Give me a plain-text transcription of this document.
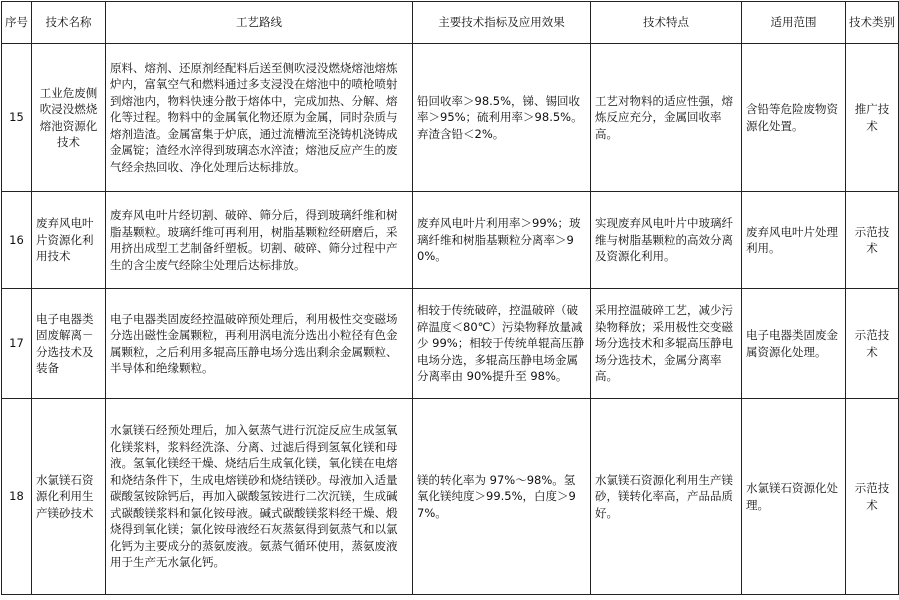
序号	技术名称	工艺路线	主要技术指标及应用效果	技术特点	适用范围	技术类别
15	工业危废侧吹浸没燃烧熔池资源化技术	原料、熔剂、还原剂经配料后送至侧吹浸没燃烧熔池熔炼炉内，富氧空气和燃料通过多支浸没在熔池中的喷枪喷射到熔池内，物料快速分散于熔体中，完成加热、分解、熔化等过程。物料中的金属氧化物还原为金属，同时杂质与熔剂造渣。金属富集于炉底，通过流槽流至浇铸机浇铸成金属锭；渣经水淬得到玻璃态水淬渣；熔池反应产生的废气经余热回收、净化处理后达标排放。	铅回收率＞98.5%，锑、锡回收率＞95%；硫利用率＞98.5%。弃渣含铅＜2%。	工艺对物料的适应性强，熔炼反应充分，金属回收率高。	含铅等危险废物资源化处置。	推广技术
16	废弃风电叶片资源化利用技术	废弃风电叶片经切割、破碎、筛分后，得到玻璃纤维和树脂基颗粒。玻璃纤维可再利用，树脂基颗粒经研磨后，采用挤出成型工艺制备纤塑板。切割、破碎、筛分过程中产生的含尘废气经除尘处理后达标排放。	废弃风电叶片利用率＞99%；玻璃纤维和树脂基颗粒分离率＞90%。	实现废弃风电叶片中玻璃纤维与树脂基颗粒的高效分离及资源化利用。	废弃风电叶片处理利用。	示范技术
17	电子电器类固废解离－分选技术及装备	电子电器类固废经控温破碎预处理后，利用极性交变磁场分选出磁性金属颗粒，再利用涡电流分选出小粒径有色金属颗粒，之后利用多辊高压静电场分选出剩余金属颗粒、半导体和绝缘颗粒。	相较于传统破碎，控温破碎（破碎温度＜80℃）污染物释放量减少 99%；相较于传统单辊高压静电场分选，多辊高压静电场金属分离率由 90%提升至 98%。	采用控温破碎工艺，减少污染物释放；采用极性交变磁场分选技术和多辊高压静电场分选技术，金属分离率高。	电子电器类固废金属资源化处理。	示范技术
18	水氯镁石资源化利用生产镁砂技术	水氯镁石经预处理后，加入氨蒸气进行沉淀反应生成氢氧化镁浆料，浆料经洗涤、分离、过滤后得到氢氧化镁和母液。氢氧化镁经干燥、烧结后生成氧化镁，氧化镁在电熔和烧结条件下，生成电熔镁砂和烧结镁砂。母液加入适量碳酸氢铵除钙后，再加入碳酸氢铵进行二次沉镁，生成碱式碳酸镁浆料和氯化铵母液。碱式碳酸镁浆料经干燥、煅烧得到氧化镁；氯化铵母液经石灰蒸氨得到氨蒸气和以氯化钙为主要成分的蒸氨废液。氨蒸气循环使用，蒸氨废液用于生产无水氯化钙。	镁的转化率为 97%～98%。氢氧化镁纯度＞99.5%，白度＞97%。	水氯镁石资源化利用生产镁砂，镁转化率高，产品品质好。	水氯镁石资源化处理。	示范技术
